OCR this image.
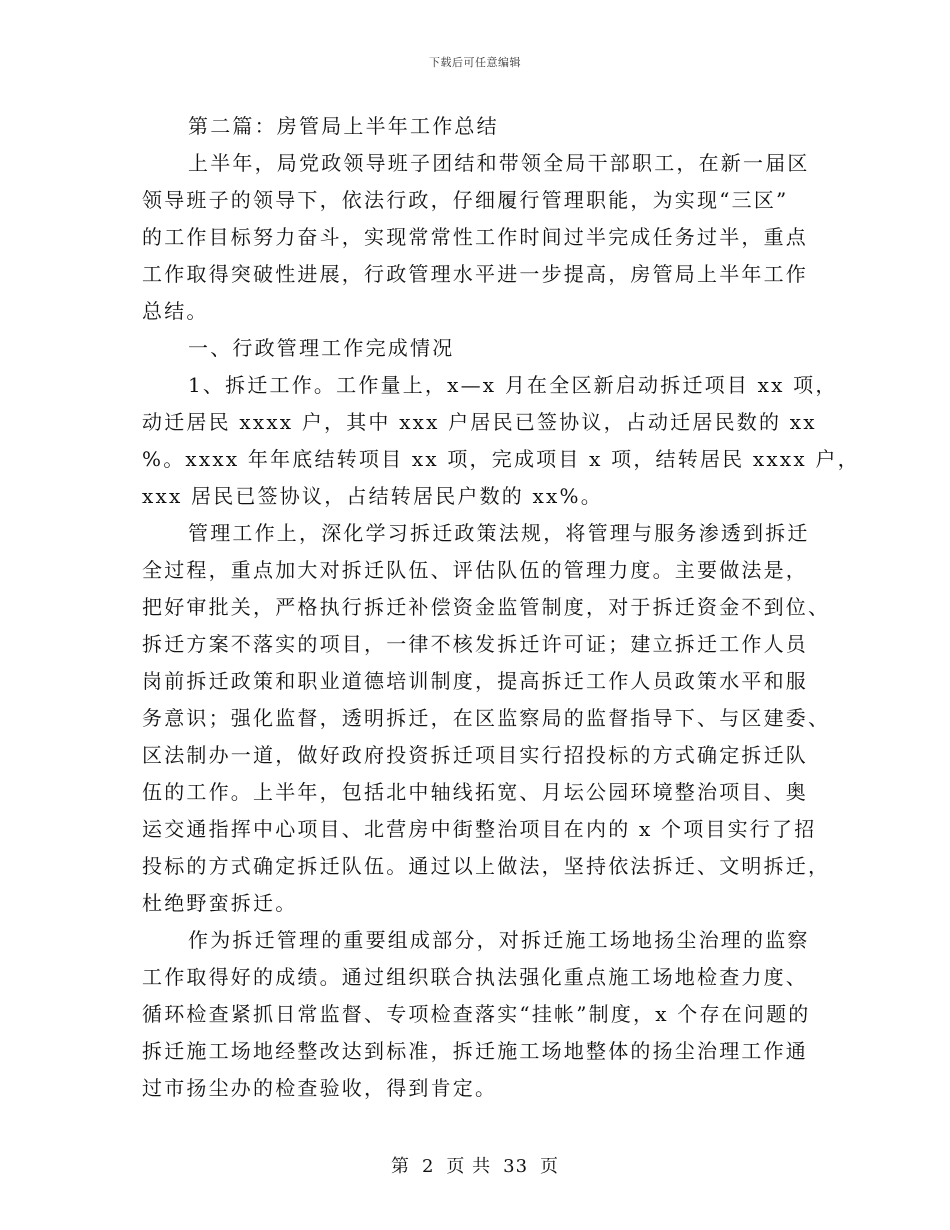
下载后可任意编辑
第二篇：房管局上半年工作总结
上半年，局党政领导班子团结和带领全局干部职工，在新一届区
领导班子的领导下，依法行政，仔细履行管理职能，为实现“三区”
的工作目标努力奋斗，实现常常性工作时间过半完成任务过半，重点
工作取得突破性进展，行政管理水平进一步提高，房管局上半年工作
总结。
一、行政管理工作完成情况
1、拆迁工作。工作量上，x—x 月在全区新启动拆迁项目 xx 项，
动迁居民 xxxx 户，其中 xxx 户居民已签协议，占动迁居民数的 xx
%。xxxx 年年底结转项目 xx 项，完成项目 x 项，结转居民 xxxx 户，
xxx 居民已签协议，占结转居民户数的 xx%。
管理工作上，深化学习拆迁政策法规，将管理与服务渗透到拆迁
全过程，重点加大对拆迁队伍、评估队伍的管理力度。主要做法是，
把好审批关，严格执行拆迁补偿资金监管制度，对于拆迁资金不到位、
拆迁方案不落实的项目，一律不核发拆迁许可证；建立拆迁工作人员
岗前拆迁政策和职业道德培训制度，提高拆迁工作人员政策水平和服
务意识；强化监督，透明拆迁，在区监察局的监督指导下、与区建委、
区法制办一道，做好政府投资拆迁项目实行招投标的方式确定拆迁队
伍的工作。上半年，包括北中轴线拓宽、月坛公园环境整治项目、奥
运交通指挥中心项目、北营房中街整治项目在内的 x 个项目实行了招
投标的方式确定拆迁队伍。通过以上做法，坚持依法拆迁、文明拆迁，
杜绝野蛮拆迁。
作为拆迁管理的重要组成部分，对拆迁施工场地扬尘治理的监察
工作取得好的成绩。通过组织联合执法强化重点施工场地检查力度、
循环检查紧抓日常监督、专项检查落实“挂帐”制度，x 个存在问题的
拆迁施工场地经整改达到标准，拆迁施工场地整体的扬尘治理工作通
过市扬尘办的检查验收，得到肯定。
第 2 页 共 33 页
